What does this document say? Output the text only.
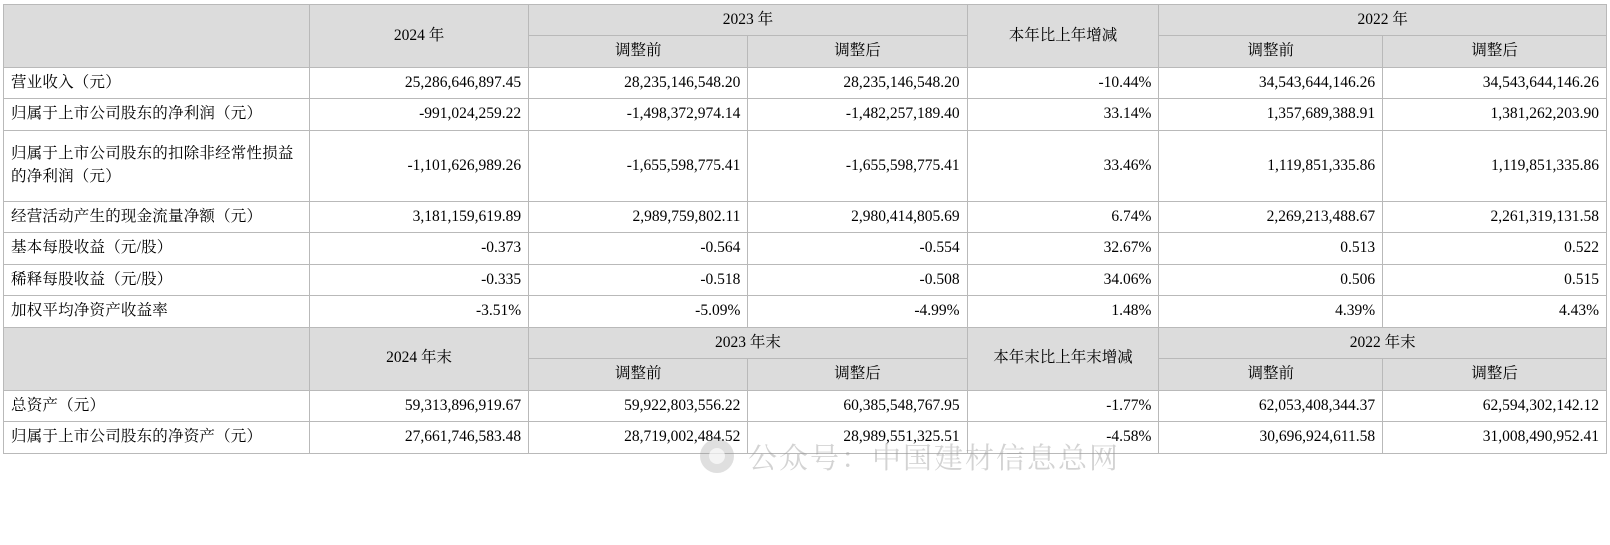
	2024 年	2023 年		本年比上年增减	2022 年	
		调整前	调整后		调整前	调整后
营业收入（元）	25,286,646,897.45	28,235,146,548.20	28,235,146,548.20	-10.44%	34,543,644,146.26	34,543,644,146.26
归属于上市公司股东的净利润（元）	-991,024,259.22	-1,498,372,974.14	-1,482,257,189.40	33.14%	1,357,689,388.91	1,381,262,203.90
归属于上市公司股东的扣除非经常性损益的净利润（元）	-1,101,626,989.26	-1,655,598,775.41	-1,655,598,775.41	33.46%	1,119,851,335.86	1,119,851,335.86
经营活动产生的现金流量净额（元）	3,181,159,619.89	2,989,759,802.11	2,980,414,805.69	6.74%	2,269,213,488.67	2,261,319,131.58
基本每股收益（元/股）	-0.373	-0.564	-0.554	32.67%	0.513	0.522
稀释每股收益（元/股）	-0.335	-0.518	-0.508	34.06%	0.506	0.515
加权平均净资产收益率	-3.51%	-5.09%	-4.99%	1.48%	4.39%	4.43%
	2024 年末	2023 年末		本年末比上年末增减	2022 年末	
		调整前	调整后		调整前	调整后
总资产（元）	59,313,896,919.67	59,922,803,556.22	60,385,548,767.95	-1.77%	62,053,408,344.37	62,594,302,142.12
归属于上市公司股东的净资产（元）	27,661,746,583.48	28,719,002,484.52	28,989,551,325.51	-4.58%	30,696,924,611.58	31,008,490,952.41
公众号：中国建材信息总网
